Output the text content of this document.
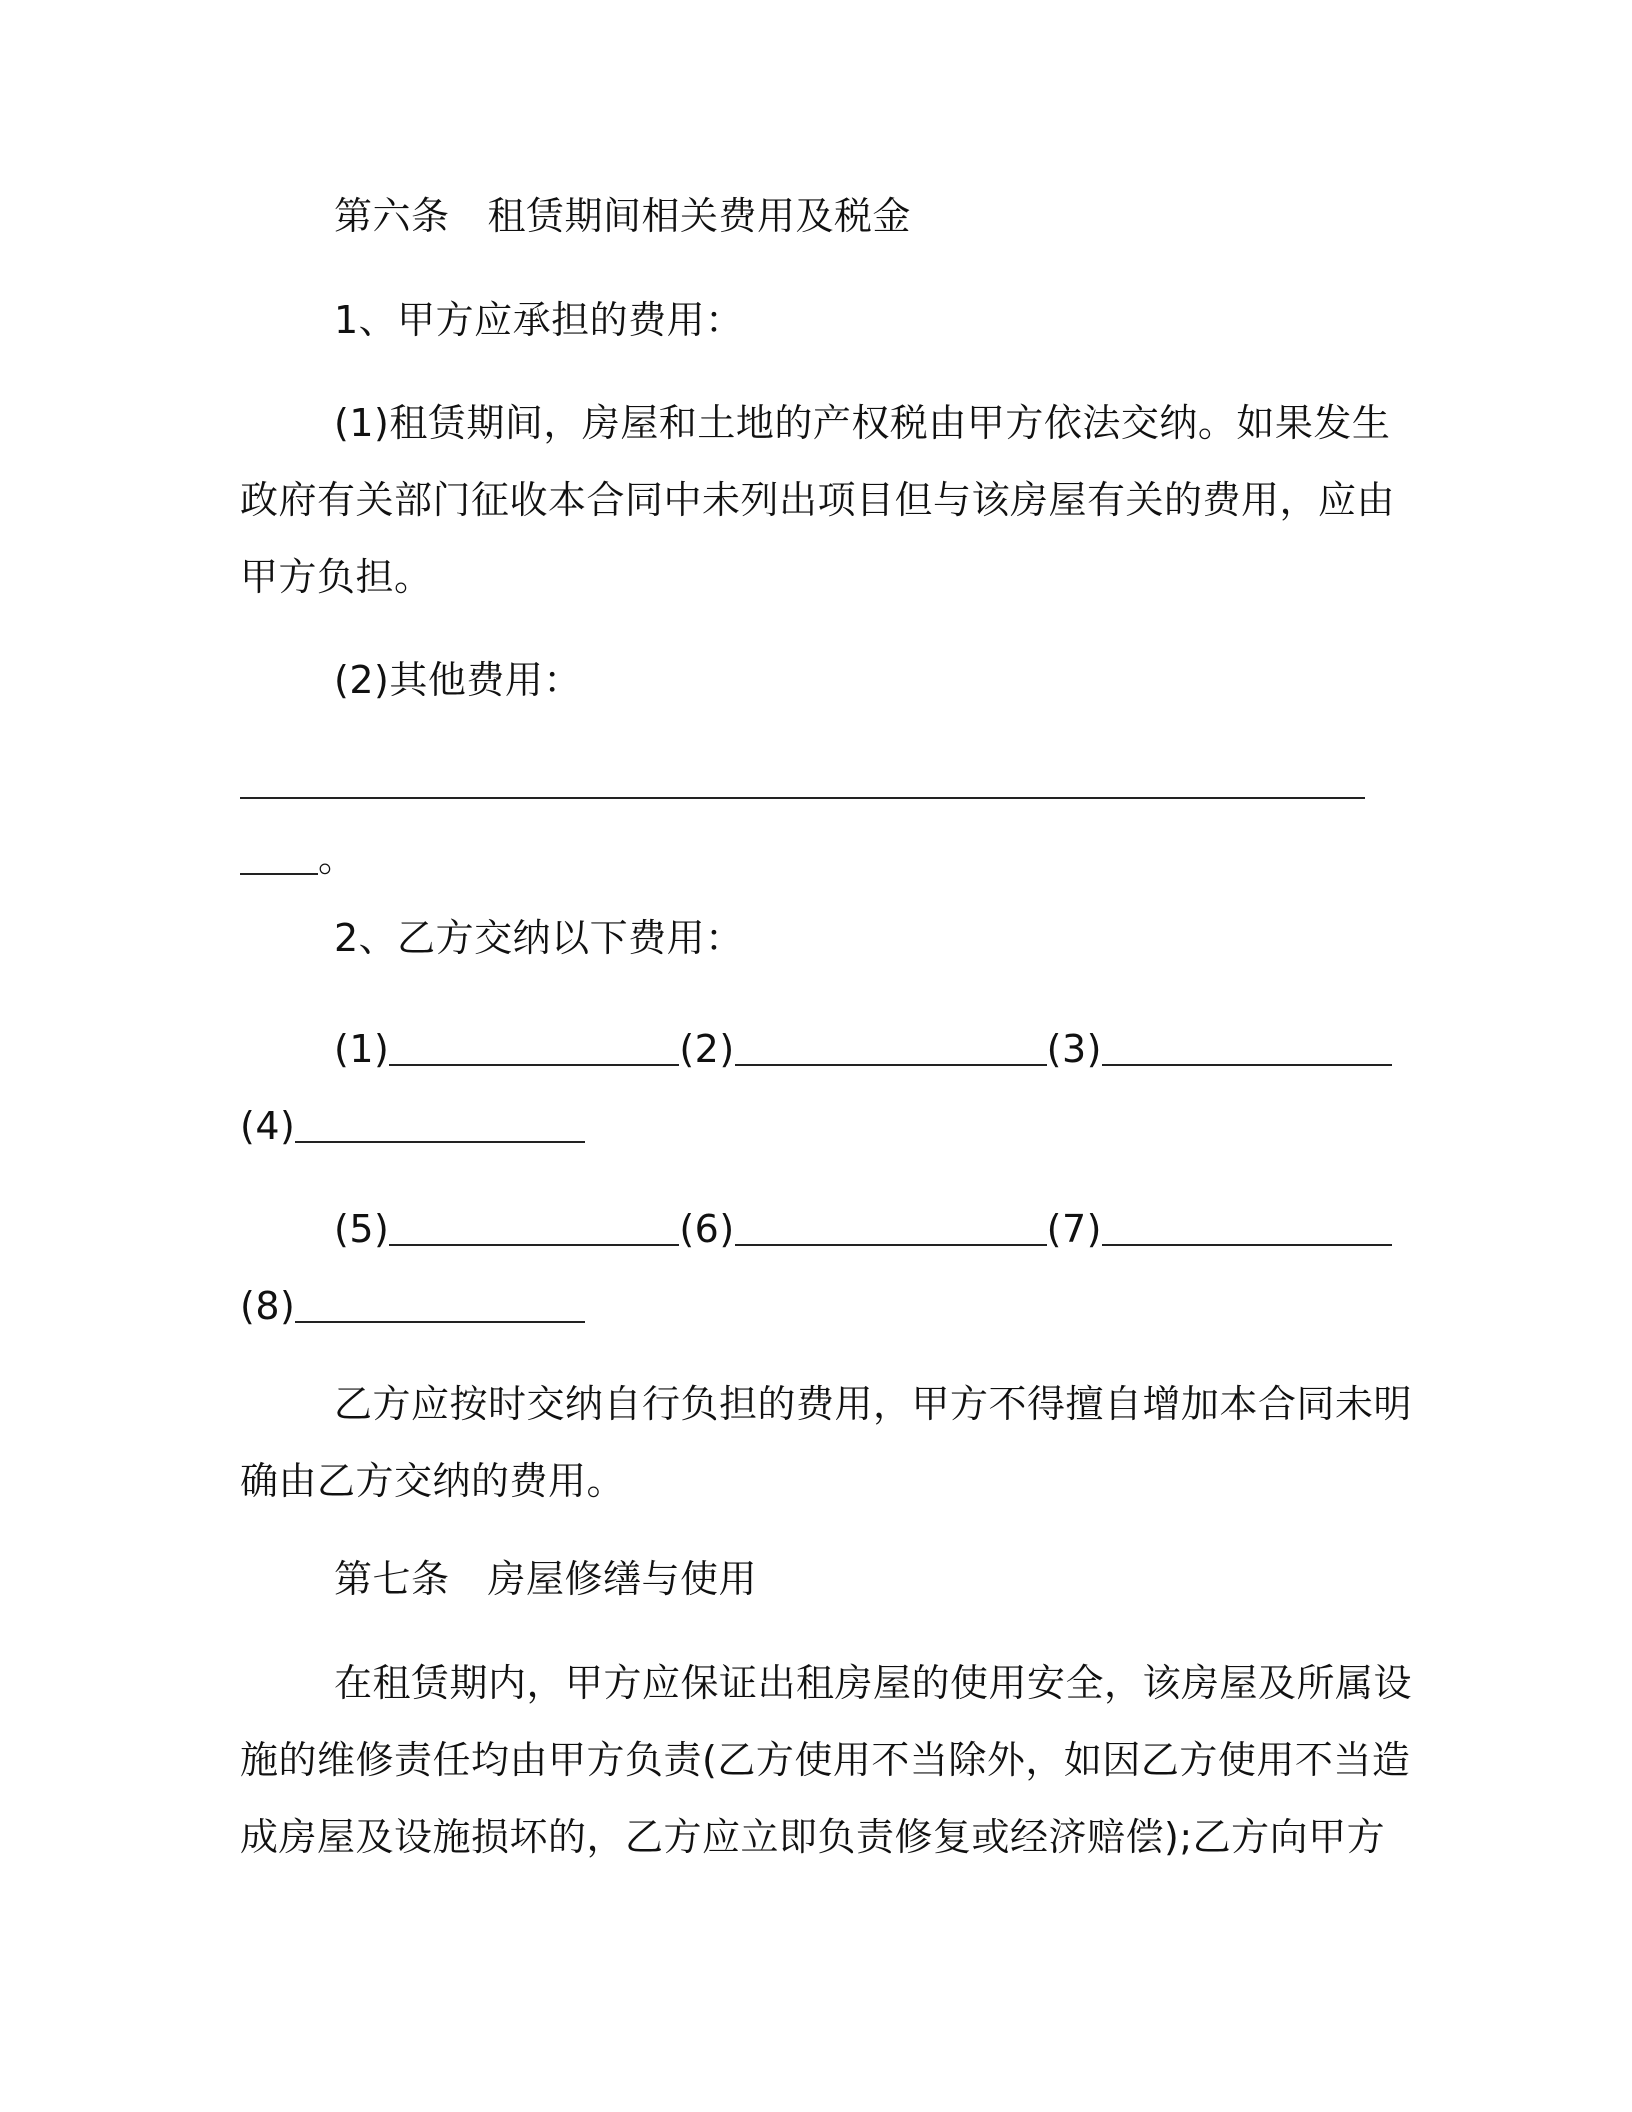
第六条 租赁期间相关费用及税金
1、甲方应承担的费用：
(1)租赁期间，房屋和土地的产权税由甲方依法交纳。如果发生
政府有关部门征收本合同中未列出项目但与该房屋有关的费用，应由
甲方负担。
(2)其他费用：
。
2、乙方交纳以下费用：
(1)	(2)	(3)
(4)
(5)	(6)	(7)
(8)
乙方应按时交纳自行负担的费用，甲方不得擅自增加本合同未明
确由乙方交纳的费用。
第七条 房屋修缮与使用
在租赁期内，甲方应保证出租房屋的使用安全，该房屋及所属设
施的维修责任均由甲方负责(乙方使用不当除外，如因乙方使用不当造
成房屋及设施损坏的，乙方应立即负责修复或经济赔偿);乙方向甲方
